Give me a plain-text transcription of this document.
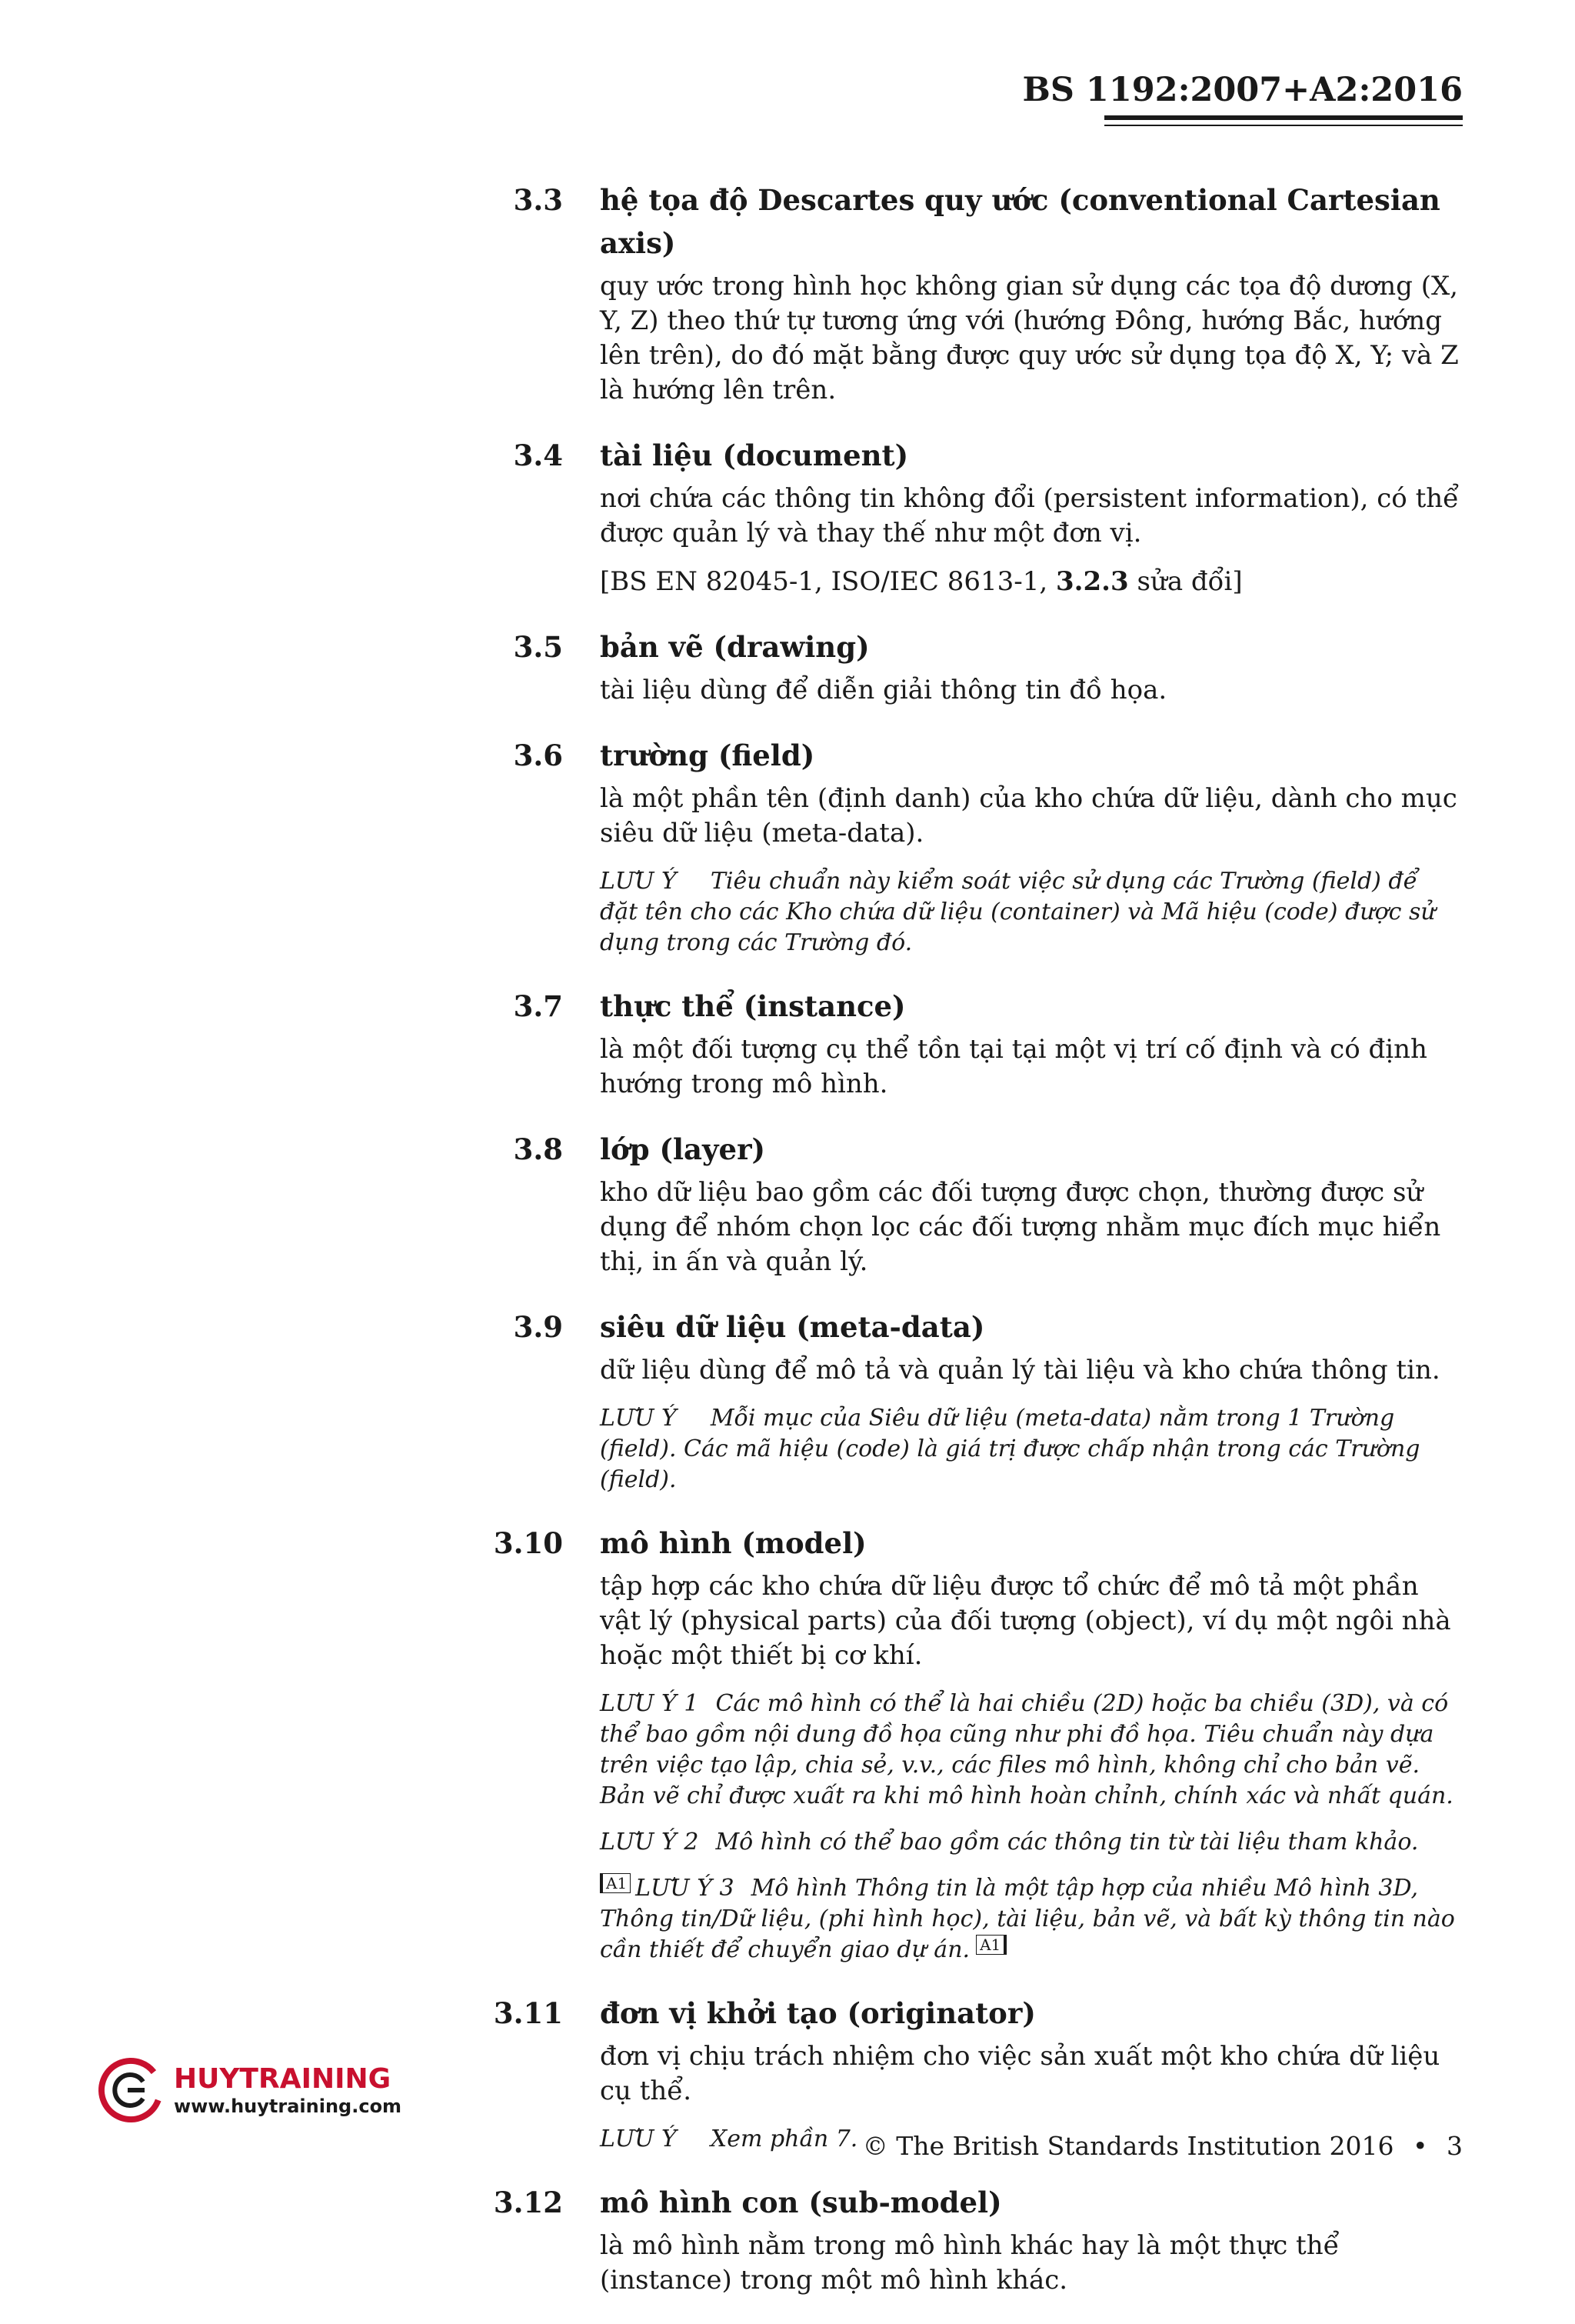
BS 1192:2007+A2:2016
3.3 hệ tọa độ Descartes quy ước (conventional Cartesian axis)
quy ước trong hình học không gian sử dụng các tọa độ dương (X, Y, Z) theo thứ tự tương ứng với (hướng Đông, hướng Bắc, hướng lên trên), do đó mặt bằng được quy ước sử dụng tọa độ X, Y; và Z là hướng lên trên.
3.4 tài liệu (document)
nơi chứa các thông tin không đổi (persistent information), có thể được quản lý và thay thế như một đơn vị.
[BS EN 82045-1, ISO/IEC 8613-1, 3.2.3 sửa đổi]
3.5 bản vẽ (drawing)
tài liệu dùng để diễn giải thông tin đồ họa.
3.6 trường (field)
là một phần tên (định danh) của kho chứa dữ liệu, dành cho mục siêu dữ liệu (meta-data).
LƯU Ý Tiêu chuẩn này kiểm soát việc sử dụng các Trường (field) để đặt tên cho các Kho chứa dữ liệu (container) và Mã hiệu (code) được sử dụng trong các Trường đó.
3.7 thực thể (instance)
là một đối tượng cụ thể tồn tại tại một vị trí cố định và có định hướng trong mô hình.
3.8 lớp (layer)
kho dữ liệu bao gồm các đối tượng được chọn, thường được sử dụng để nhóm chọn lọc các đối tượng nhằm mục đích mục hiển thị, in ấn và quản lý.
3.9 siêu dữ liệu (meta-data)
dữ liệu dùng để mô tả và quản lý tài liệu và kho chứa thông tin.
LƯU Ý Mỗi mục của Siêu dữ liệu (meta-data) nằm trong 1 Trường (field). Các mã hiệu (code) là giá trị được chấp nhận trong các Trường (field).
3.10 mô hình (model)
tập hợp các kho chứa dữ liệu được tổ chức để mô tả một phần vật lý (physical parts) của đối tượng (object), ví dụ một ngôi nhà hoặc một thiết bị cơ khí.
LƯU Ý 1 Các mô hình có thể là hai chiều (2D) hoặc ba chiều (3D), và có thể bao gồm nội dung đồ họa cũng như phi đồ họa. Tiêu chuẩn này dựa trên việc tạo lập, chia sẻ, v.v., các files mô hình, không chỉ cho bản vẽ. Bản vẽ chỉ được xuất ra khi mô hình hoàn chỉnh, chính xác và nhất quán.
LƯU Ý 2 Mô hình có thể bao gồm các thông tin từ tài liệu tham khảo.
A1 LƯU Ý 3 Mô hình Thông tin là một tập hợp của nhiều Mô hình 3D, Thông tin/Dữ liệu, (phi hình học), tài liệu, bản vẽ, và bất kỳ thông tin nào cần thiết để chuyển giao dự án. A1
3.11 đơn vị khởi tạo (originator)
đơn vị chịu trách nhiệm cho việc sản xuất một kho chứa dữ liệu cụ thể.
LƯU Ý Xem phần 7.
3.12 mô hình con (sub-model)
là mô hình nằm trong mô hình khác hay là một thực thể (instance) trong một mô hình khác.
HUYTRAINING
www.huytraining.com
© The British Standards Institution 2016 • 3
